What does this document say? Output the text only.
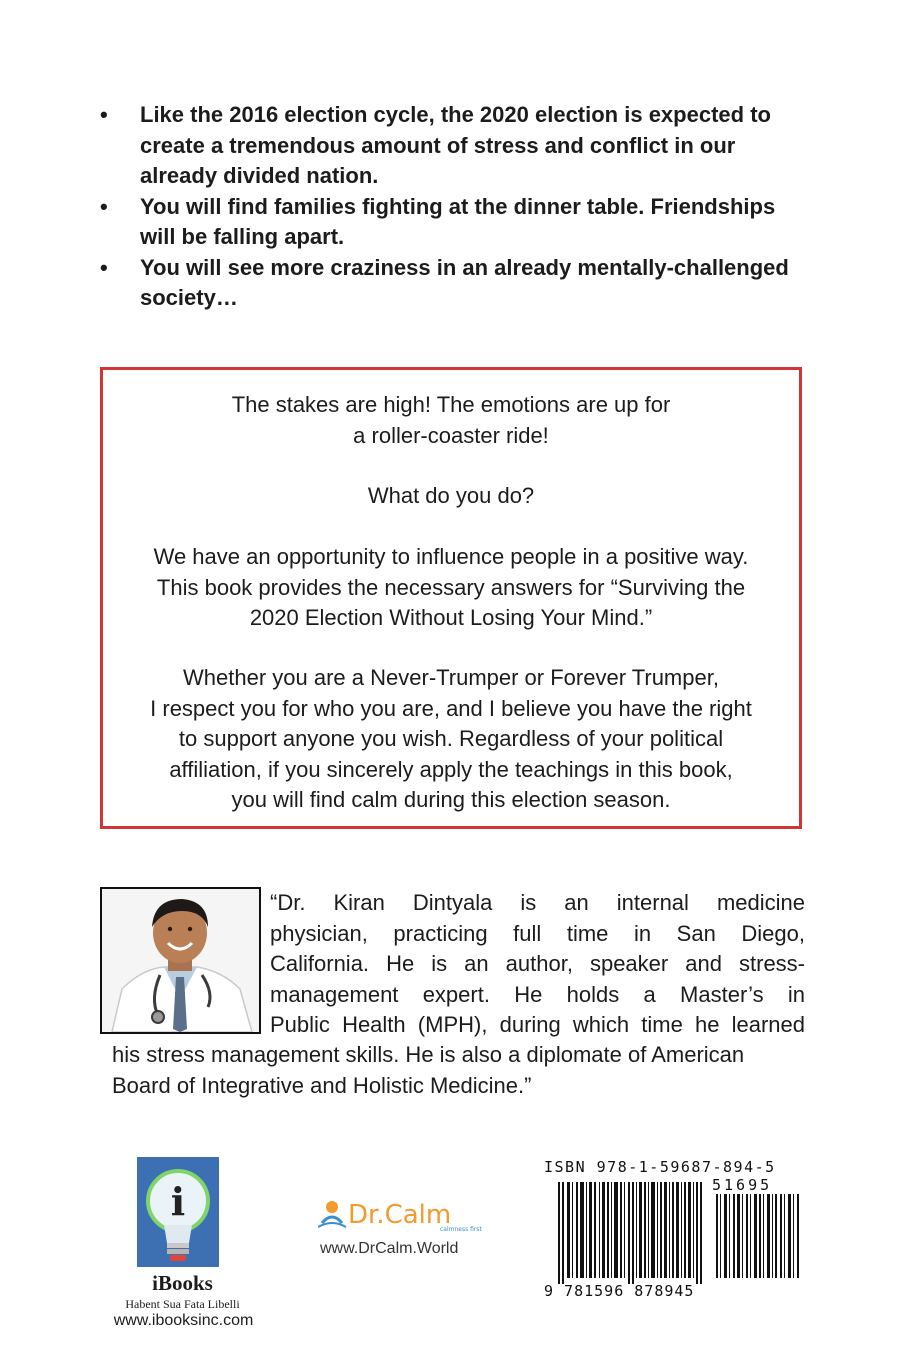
• Like the 2016 election cycle, the 2020 election is expected to create a tremendous amount of stress and conflict in our already divided nation.
• You will find families fighting at the dinner table. Friendships will be falling apart.
• You will see more craziness in an already mentally-challenged society…

The stakes are high! The emotions are up for
a roller-coaster ride!

What do you do?

We have an opportunity to influence people in a positive way.
This book provides the necessary answers for “Surviving the
2020 Election Without Losing Your Mind.”

Whether you are a Never-Trumper or Forever Trumper,
I respect you for who you are, and I believe you have the right
to support anyone you wish. Regardless of your political
affiliation, if you sincerely apply the teachings in this book,
you will find calm during this election season.

“Dr. Kiran Dintyala is an internal medicine
physician, practicing full time in San Diego,
California. He is an author, speaker and stress-
management expert. He holds a Master’s in
Public Health (MPH), during which time he learned
his stress management skills. He is also a diplomate of American
Board of Integrative and Holistic Medicine.”
i
iBooks
Habent Sua Fata Libelli
www.ibooksinc.com
Dr.Calm
calmness first
www.DrCalm.World
ISBN 978-1-59687-894-5
51695
9 781596 878945
